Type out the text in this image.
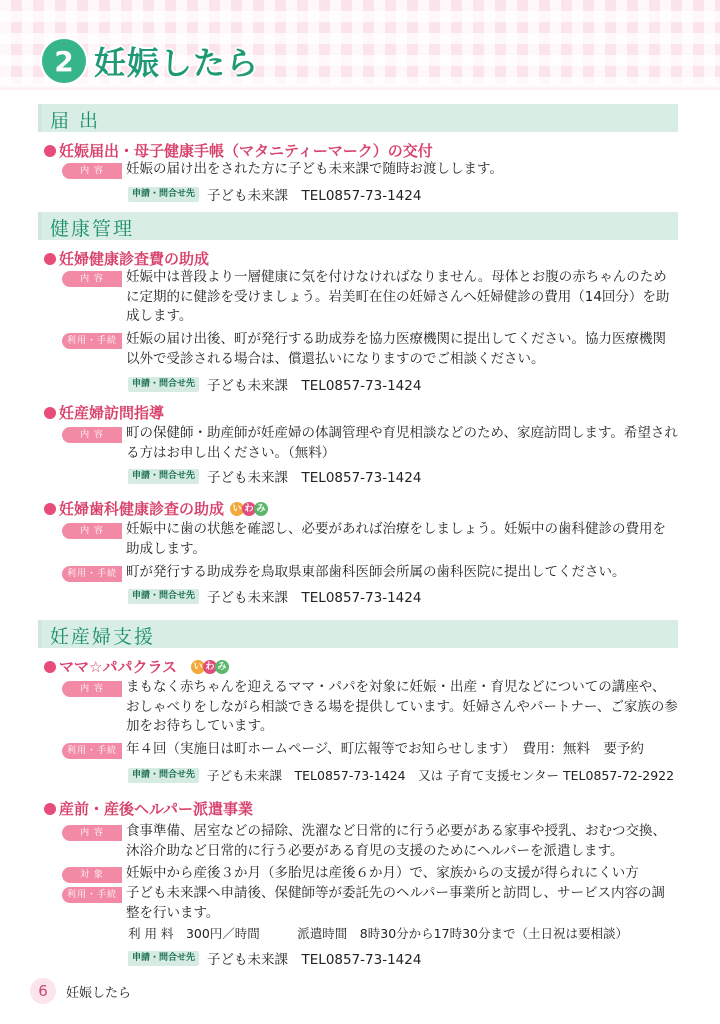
2 妊娠したら
届 出
妊娠届出・母子健康手帳（マタニティーマーク）の交付
内 容	妊娠の届け出をされた方に子ども未来課で随時お渡しします。
申請・問合せ先 子ども未来課　TEL0857-73-1424
健康管理
妊婦健康診査費の助成
内 容	妊娠中は普段より一層健康に気を付けなければなりません。母体とお腹の赤ちゃんのために定期的に健診を受けましょう。岩美町在住の妊婦さんへ妊婦健診の費用（14回分）を助成します。
利用・手続 妊娠の届け出後、町が発行する助成券を協力医療機関に提出してください。協力医療機関以外で受診される場合は、償還払いになりますのでご相談ください。
申請・問合せ先 子ども未来課　TEL0857-73-1424
妊産婦訪問指導
内 容	町の保健師・助産師が妊産婦の体調管理や育児相談などのため、家庭訪問します。希望される方はお申し出ください。（無料）
申請・問合せ先 子ども未来課　TEL0857-73-1424
妊婦歯科健康診査の助成 い わ み
内 容	妊娠中に歯の状態を確認し、必要があれば治療をしましょう。妊娠中の歯科健診の費用を助成します。
利用・手続 町が発行する助成券を鳥取県東部歯科医師会所属の歯科医院に提出してください。
申請・問合せ先 子ども未来課　TEL0857-73-1424
妊産婦支援
ママ☆パパクラス い わ み
内 容	まもなく赤ちゃんを迎えるママ・パパを対象に妊娠・出産・育児などについての講座や、おしゃべりをしながら相談できる場を提供しています。妊婦さんやパートナー、ご家族の参加をお待ちしています。
利用・手続 年４回（実施日は町ホームページ、町広報等でお知らせします）　費用：無料　要予約
申請・問合せ先 子ども未来課　TEL0857-73-1424　又は 子育て支援センター TEL0857-72-2922
産前・産後ヘルパー派遣事業
内 容	食事準備、居室などの掃除、洗濯など日常的に行う必要がある家事や授乳、おむつ交換、沐浴介助など日常的に行う必要がある育児の支援のためにヘルパーを派遣します。
対 象	妊娠中から産後３か月（多胎児は産後６か月）で、家族からの支援が得られにくい方
利用・手続 子ども未来課へ申請後、保健師等が委託先のヘルパー事業所と訪問し、サービス内容の調整を行います。
利 用 料　300円／時間　　　派遣時間　8時30分から17時30分まで（土日祝は要相談）
申請・問合せ先 子ども未来課　TEL0857-73-1424
6	妊娠したら
